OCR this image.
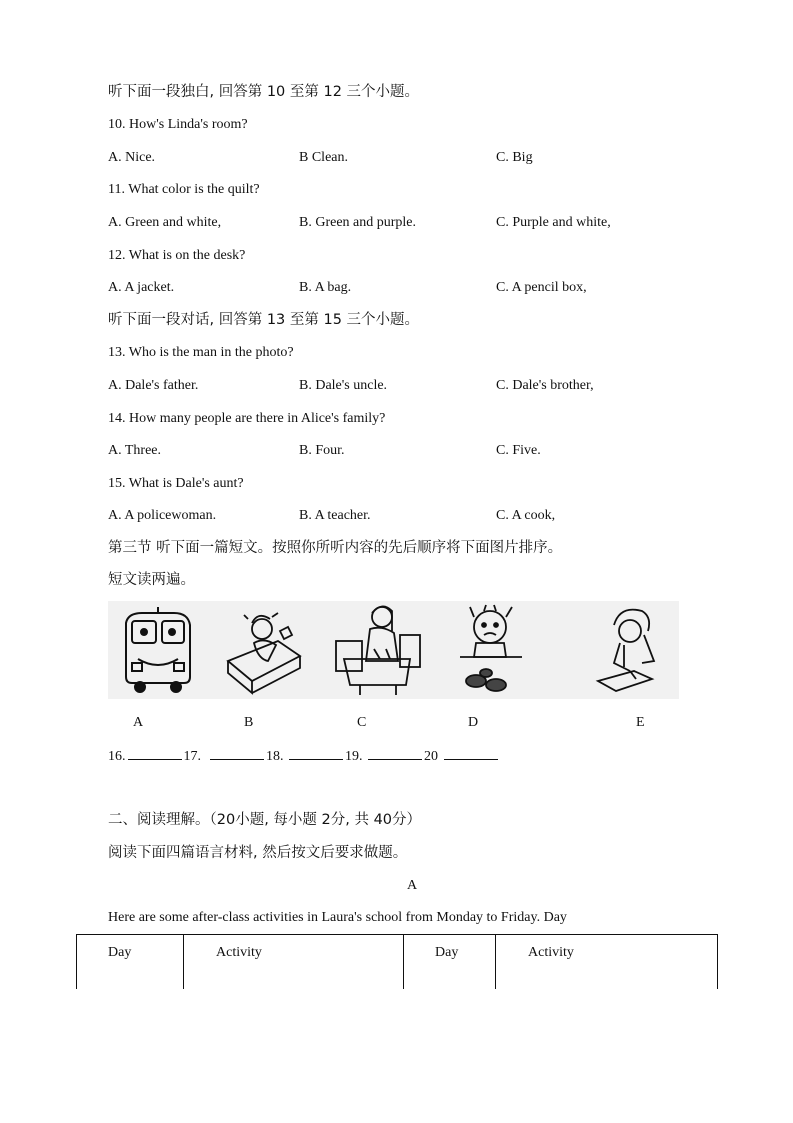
听下面一段独白, 回答第 10 至第 12 三个小题。
10. How's Linda's room?
A. Nice.	B Clean.	C. Big
11. What color is the quilt?
A. Green and white,	B. Green and purple.	C. Purple and white,
12. What is on the desk?
A. A jacket.	B. A bag.	C. A pencil box,
听下面一段对话, 回答第 13 至第 15 三个小题。
13. Who is the man in the photo?
A. Dale's father.	B. Dale's uncle.	C. Dale's brother,
14. How many people are there in Alice's family?
A. Three.	B. Four.	C. Five.
15. What is Dale's aunt?
A. A policewoman.	B. A teacher.	C. A cook,
第三节 听下面一篇短文。按照你所听内容的先后顺序将下面图片排序。
短文读两遍。
A	B	C	D	E
16.	17.	18.	19.	20
二、阅读理解。（20小题, 每小题 2分, 共 40分）
阅读下面四篇语言材料, 然后按文后要求做题。
A
Here are some after-class activities in Laura's school from Monday to Friday. Day
Day	Activity	Day	Activity
